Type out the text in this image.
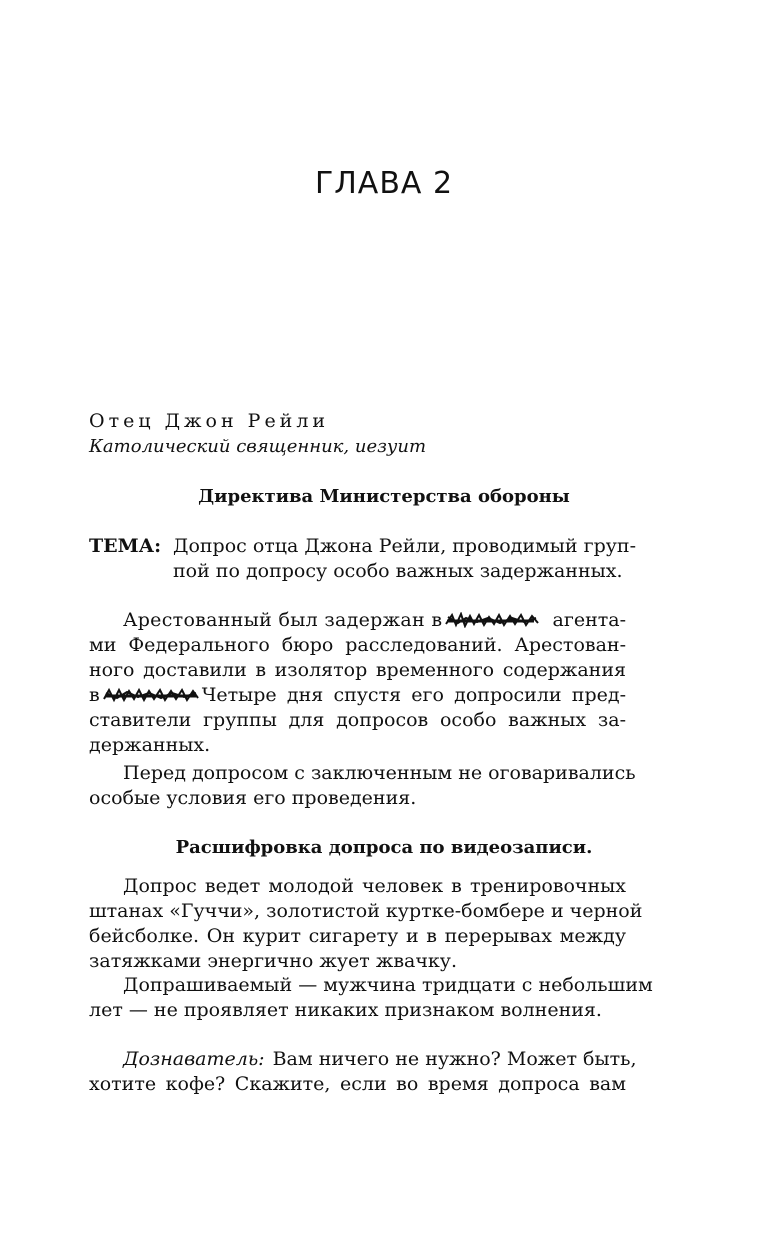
ГЛАВА 2
Отец Джон Рейли
Католический священник, иезуит
Директива Министерства обороны
ТЕМА: Допрос отца Джона Рейли, проводимый груп-
пой по допросу особо важных задержанных.
Арестованный был задержан в	агента-
ми Федерального бюро расследований. Арестован-
ного доставили в изолятор временного содержания
в	Четыре дня спустя его допросили пред-
ставители группы для допросов особо важных за-
держанных.
Перед допросом с заключенным не оговаривались
особые условия его проведения.
Расшифровка допроса по видеозаписи.
Допрос ведет молодой человек в тренировочных
штанах «Гуччи», золотистой куртке-бомбере и черной
бейсболке. Он курит сигарету и в перерывах между
затяжками энергично жует жвачку.
Допрашиваемый — мужчина тридцати с небольшим
лет — не проявляет никаких признаком волнения.
Дознаватель: Вам ничего не нужно? Может быть,
хотите кофе? Скажите, если во время допроса вам
